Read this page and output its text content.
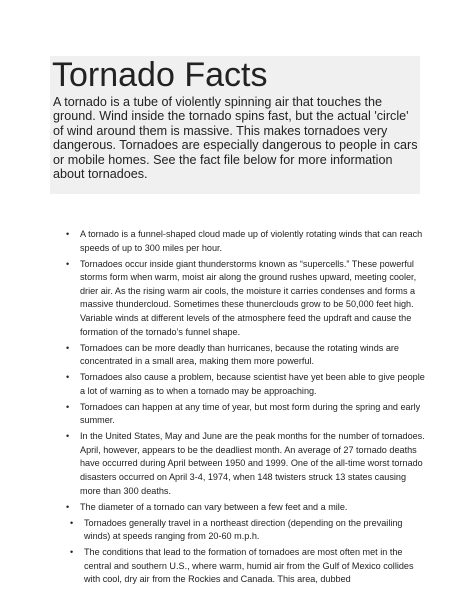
Tornado Facts

A tornado is a tube of violently spinning air that touches the ground. Wind inside the tornado spins fast, but the actual 'circle' of wind around them is massive. This makes tornadoes very dangerous. Tornadoes are especially dangerous to people in cars or mobile homes. See the fact file below for more information about tornadoes.

• A tornado is a funnel-shaped cloud made up of violently rotating winds that can reach speeds of up to 300 miles per hour.
• Tornadoes occur inside giant thunderstorms known as “supercells.” These powerful storms form when warm, moist air along the ground rushes upward, meeting cooler, drier air. As the rising warm air cools, the moisture it carries condenses and forms a massive thundercloud. Sometimes these thunerclouds grow to be 50,000 feet high. Variable winds at different levels of the atmosphere feed the updraft and cause the formation of the tornado’s funnel shape.
• Tornadoes can be more deadly than hurricanes, because the rotating winds are concentrated in a small area, making them more powerful.
• Tornadoes also cause a problem, because scientist have yet been able to give people a lot of warning as to when a tornado may be approaching.
• Tornadoes can happen at any time of year, but most form during the spring and early summer.
• In the United States, May and June are the peak months for the number of tornadoes. April, however, appears to be the deadliest month. An average of 27 tornado deaths have occurred during April between 1950 and 1999. One of the all-time worst tornado disasters occurred on April 3-4, 1974, when 148 twisters struck 13 states causing more than 300 deaths.
• The diameter of a tornado can vary between a few feet and a mile.
• Tornadoes generally travel in a northeast direction (depending on the prevailing winds) at speeds ranging from 20-60 m.p.h.
• The conditions that lead to the formation of tornadoes are most often met in the central and southern U.S., where warm, humid air from the Gulf of Mexico collides with cool, dry air from the Rockies and Canada. This area, dubbed
